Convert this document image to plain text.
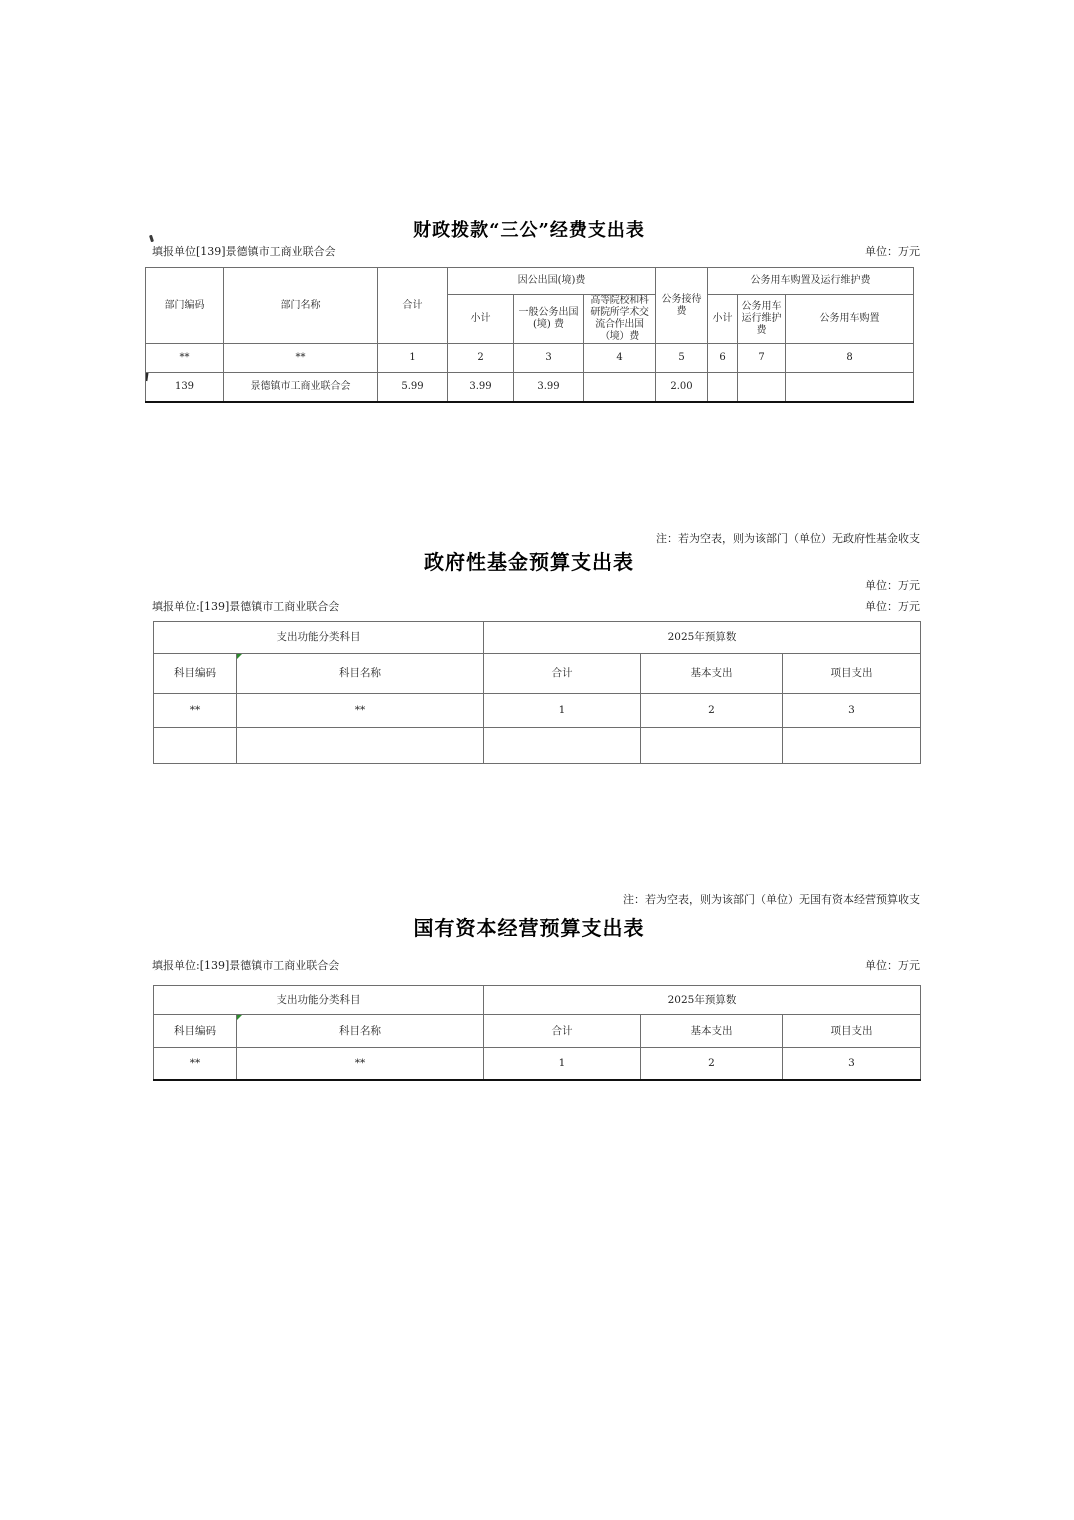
财政拨款“三公”经费支出表
填报单位[139]景德镇市工商业联合会	单位：万元
部门编码	部门名称	合计	因公出国(境)费			公务接待费	公务用车购置及运行维护费		
			小计	一般公务出国(境) 费	高等院校和科研院所学术交流合作出国（境）费		小计	公务用车运行维护费	公务用车购置
**	**	1	2	3	4	5	6	7	8

139	景德镇市工商业联合会	5.99	3.99	3.99		2.00			
注：若为空表，则为该部门（单位）无政府性基金收支
政府性基金预算支出表
单位：万元
填报单位:[139]景德镇市工商业联合会	单位：万元
支出功能分类科目		2025年预算数		
科目编码	科目名称	合计	基本支出	项目支出
**	**	1	2	3

注：若为空表，则为该部门（单位）无国有资本经营预算收支
国有资本经营预算支出表
填报单位:[139]景德镇市工商业联合会	单位：万元
支出功能分类科目		2025年预算数		
科目编码	科目名称	合计	基本支出	项目支出
**	**	1	2	3
